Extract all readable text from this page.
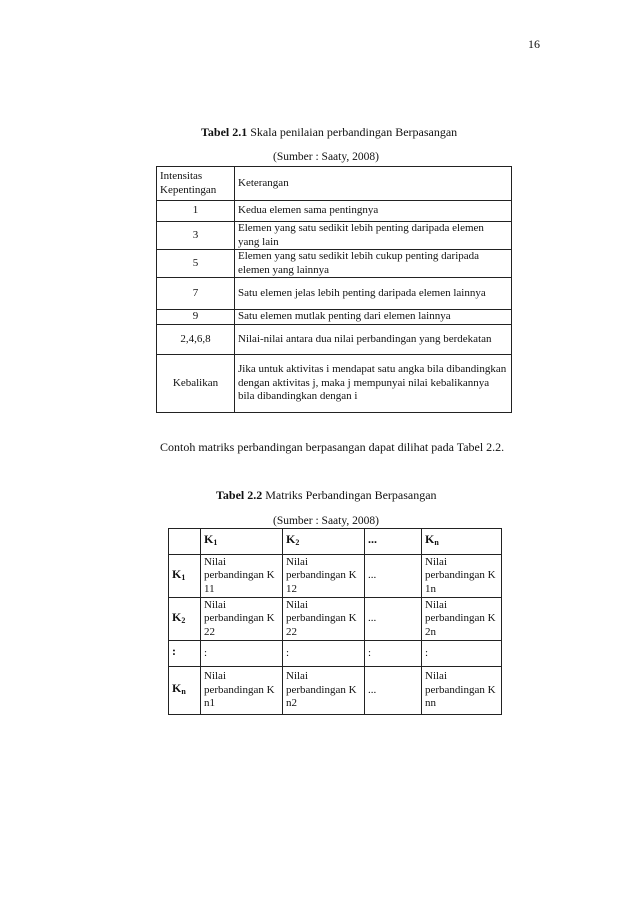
16
Tabel 2.1 Skala penilaian perbandingan Berpasangan
(Sumber : Saaty, 2008)
Intensitas Kepentingan	Keterangan
1	Kedua elemen sama pentingnya
3	Elemen yang satu sedikit lebih penting daripada elemen yang lain
5	Elemen yang satu sedikit lebih cukup penting daripada elemen yang lainnya
7	Satu elemen jelas lebih penting daripada elemen lainnya
9	Satu elemen mutlak penting dari elemen lainnya
2,4,6,8	Nilai-nilai antara dua nilai perbandingan yang berdekatan
Kebalikan	Jika untuk aktivitas i mendapat satu angka bila dibandingkan dengan aktivitas j, maka j mempunyai nilai kebalikannya bila dibandingkan dengan i
Contoh matriks perbandingan berpasangan dapat dilihat pada Tabel 2.2.
Tabel 2.2 Matriks Perbandingan Berpasangan
(Sumber : Saaty, 2008)
	$K_1$	$K_2$	...	$K_n$
$K_1$	Nilai perbandingan K 11	Nilai perbandingan K 12	...	Nilai perbandingan K 1n
$K_2$	Nilai perbandingan K 22	Nilai perbandingan K 22	...	Nilai perbandingan K 2n
:	:	:	:	:
$K_n$	Nilai perbandingan K n1	Nilai perbandingan K n2	...	Nilai perbandingan K nn
